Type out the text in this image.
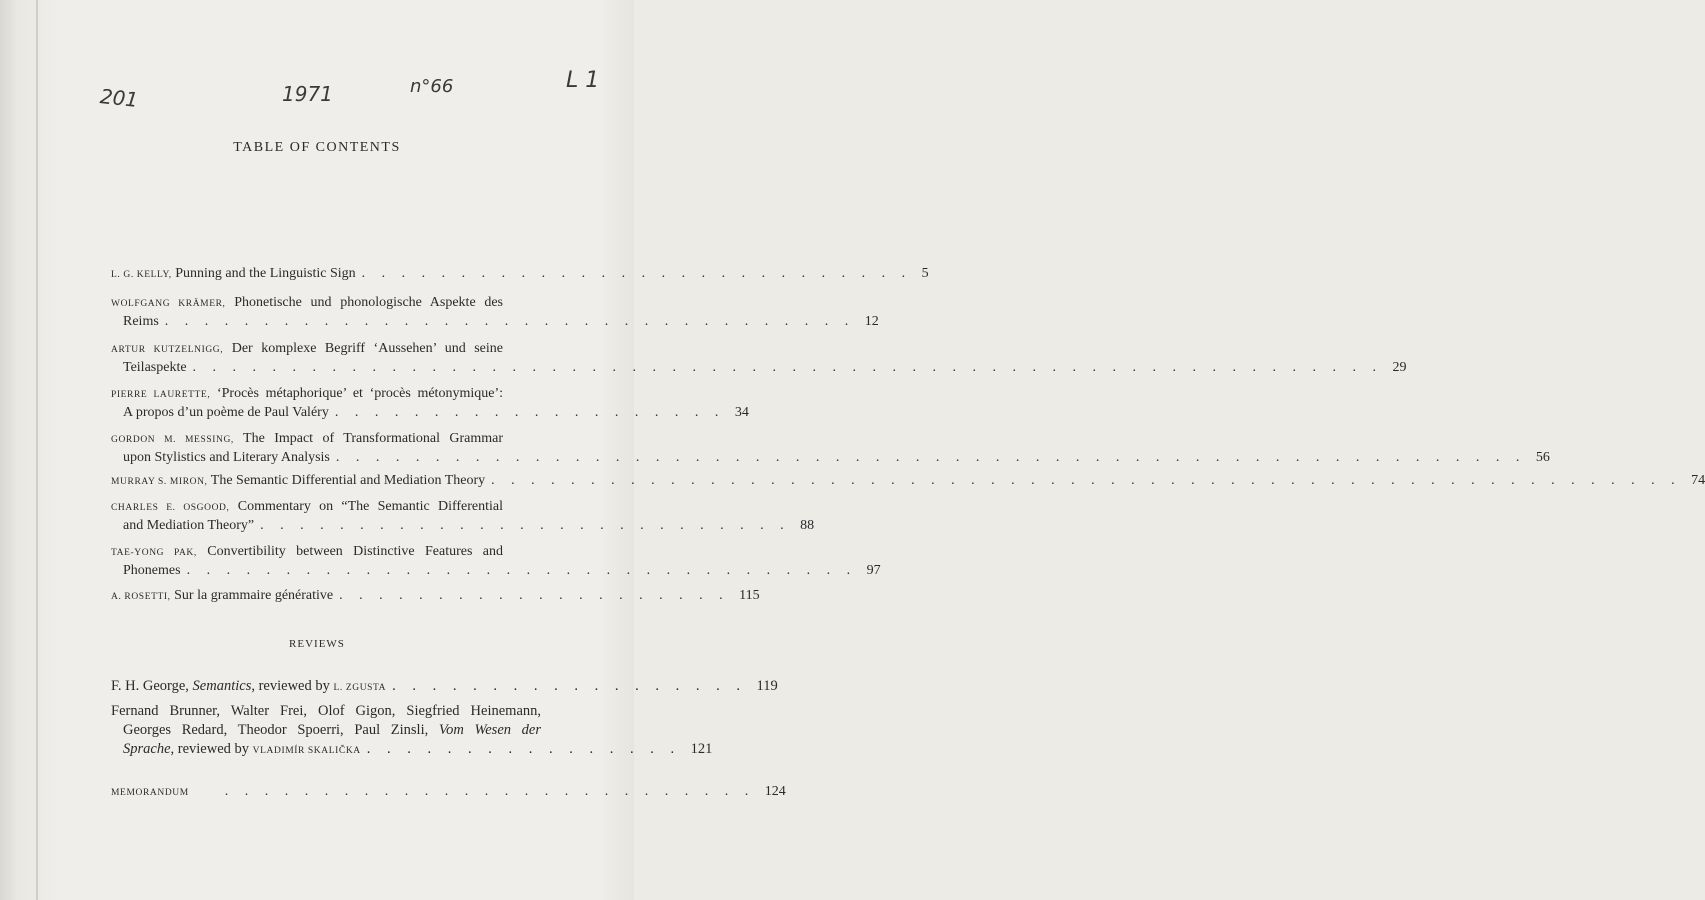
201	1971	n°66	L 1
TABLE OF CONTENTS
L. G. KELLY, Punning and the Linguistic Sign . . . . . . . . . . . . . . . . . . . . . . . . . . . . 5
WOLFGANG KRÄMER, Phonetische und phonologische Aspekte des
Reims . . . . . . . . . . . . . . . . . . . . . . . . . . . . . . . . . . . 12
ARTUR KUTZELNIGG, Der komplexe Begriff ‘Aussehen’ und seine
Teilaspekte . . . . . . . . . . . . . . . . . . . . . . . . . . . . . . . . . . . . . . . . . . . . . . . . . . . . . . . . . . . . 29
PIERRE LAURETTE, ‘Procès métaphorique’ et ‘procès métonymique’:
A propos d’un poème de Paul Valéry . . . . . . . . . . . . . . . . . . . . 34
GORDON M. MESSING, The Impact of Transformational Grammar
upon Stylistics and Literary Analysis . . . . . . . . . . . . . . . . . . . . . . . . . . . . . . . . . . . . . . . . . . . . . . . . . . . . . . . . . . . . 56
MURRAY S. MIRON, The Semantic Differential and Mediation Theory . . . . . . . . . . . . . . . . . . . . . . . . . . . . . . . . . . . . . . . . . . . . . . . . . . . . . . . . . . . . 74
CHARLES E. OSGOOD, Commentary on “The Semantic Differential
and Mediation Theory” . . . . . . . . . . . . . . . . . . . . . . . . . . . 88
TAE-YONG PAK, Convertibility between Distinctive Features and
Phonemes . . . . . . . . . . . . . . . . . . . . . . . . . . . . . . . . . . 97
A. ROSETTI, Sur la grammaire générative . . . . . . . . . . . . . . . . . . . . 115
REVIEWS
F. H. George, Semantics, reviewed by L. ZGUSTA . . . . . . . . . . . . . . . . . . 119
Fernand Brunner, Walter Frei, Olof Gigon, Siegfried Heinemann,
Georges Redard, Theodor Spoerri, Paul Zinsli, Vom Wesen der
Sprache, reviewed by VLADIMÍR SKALIČKA . . . . . . . . . . . . . . . . 121
MEMORANDUM	. . . . . . . . . . . . . . . . . . . . . . . . . . . 124
